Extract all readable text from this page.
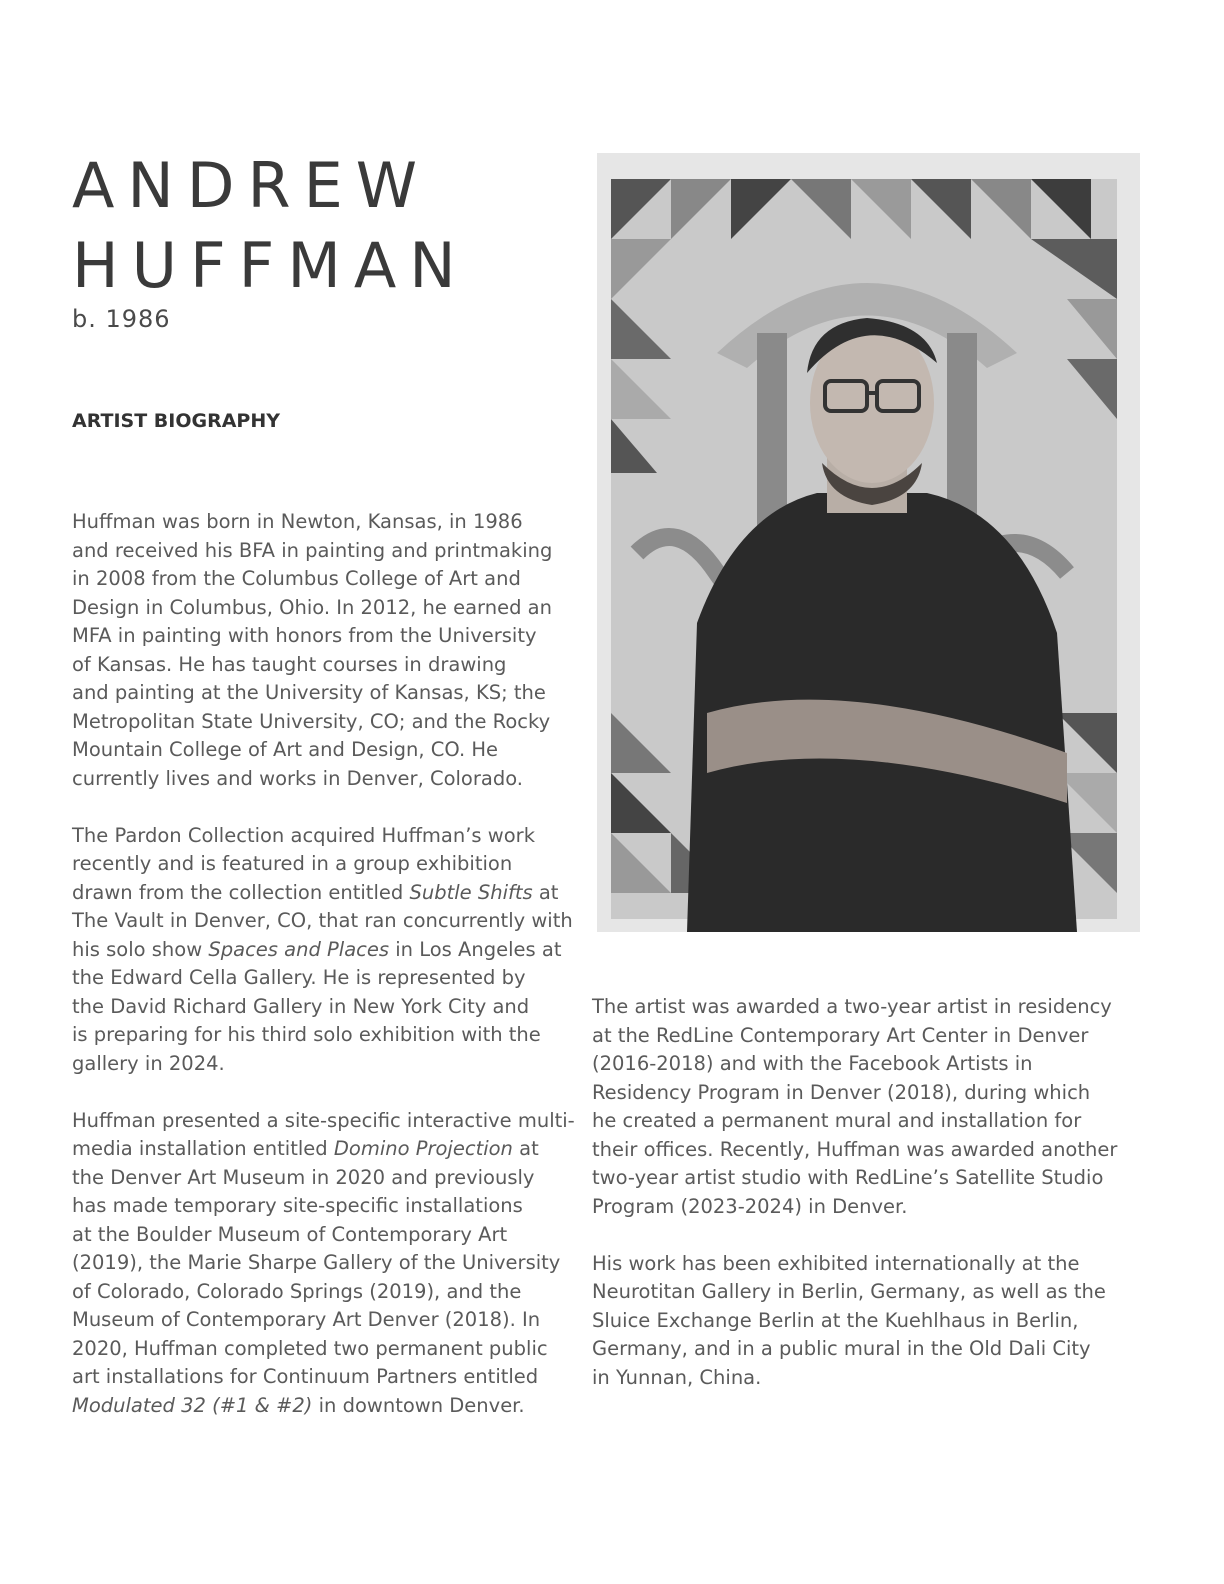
ANDREW
HUFFMAN
b. 1986
ARTIST BIOGRAPHY

Huffman was born in Newton, Kansas, in 1986
and received his BFA in painting and printmaking
in 2008 from the Columbus College of Art and
Design in Columbus, Ohio. In 2012, he earned an
MFA in painting with honors from the University
of Kansas. He has taught courses in drawing
and painting at the University of Kansas, KS; the
Metropolitan State University, CO; and the Rocky
Mountain College of Art and Design, CO. He
currently lives and works in Denver, Colorado.

The Pardon Collection acquired Huffman’s work
recently and is featured in a group exhibition
drawn from the collection entitled Subtle Shifts at
The Vault in Denver, CO, that ran concurrently with
his solo show Spaces and Places in Los Angeles at
the Edward Cella Gallery. He is represented by
the David Richard Gallery in New York City and
is preparing for his third solo exhibition with the
gallery in 2024.

Huffman presented a site-specific interactive multi-
media installation entitled Domino Projection at
the Denver Art Museum in 2020 and previously
has made temporary site-specific installations
at the Boulder Museum of Contemporary Art
(2019), the Marie Sharpe Gallery of the University
of Colorado, Colorado Springs (2019), and the
Museum of Contemporary Art Denver (2018). In
2020, Huffman completed two permanent public
art installations for Continuum Partners entitled
Modulated 32 (#1 & #2) in downtown Denver.

The artist was awarded a two-year artist in residency
at the RedLine Contemporary Art Center in Denver
(2016-2018) and with the Facebook Artists in
Residency Program in Denver (2018), during which
he created a permanent mural and installation for
their offices. Recently, Huffman was awarded another
two-year artist studio with RedLine’s Satellite Studio
Program (2023-2024) in Denver.

His work has been exhibited internationally at the
Neurotitan Gallery in Berlin, Germany, as well as the
Sluice Exchange Berlin at the Kuehlhaus in Berlin,
Germany, and in a public mural in the Old Dali City
in Yunnan, China.
